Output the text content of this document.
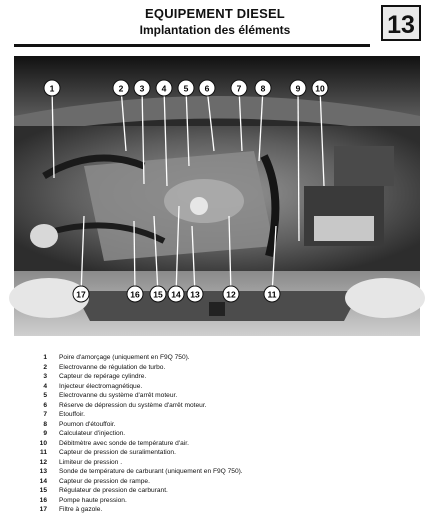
EQUIPEMENT DIESEL
Implantation des éléments	13
1	2 3 4 5 6	7 8	9 10
11
12
13
14
15
16
17
19323
1 Poire d'amorçage (uniquement en F9Q 750).
2 Electrovanne de régulation de turbo.
3 Capteur de repérage cylindre.
4 Injecteur électromagnétique.
5 Electrovanne du système d'arrêt moteur.
6 Réserve de dépression du système d'arrêt moteur.
7 Etouffoir.
8 Poumon d'étouffoir.
9 Calculateur d'injection.
10 Débitmètre avec sonde de température d'air.
11 Capteur de pression de suralimentation.
12 Limiteur de pression .
13 Sonde de température de carburant (uniquement en F9Q 750).
14 Capteur de pression de rampe.
15 Régulateur de pression de carburant.
16 Pompe haute pression.
17 Filtre à gazole.
